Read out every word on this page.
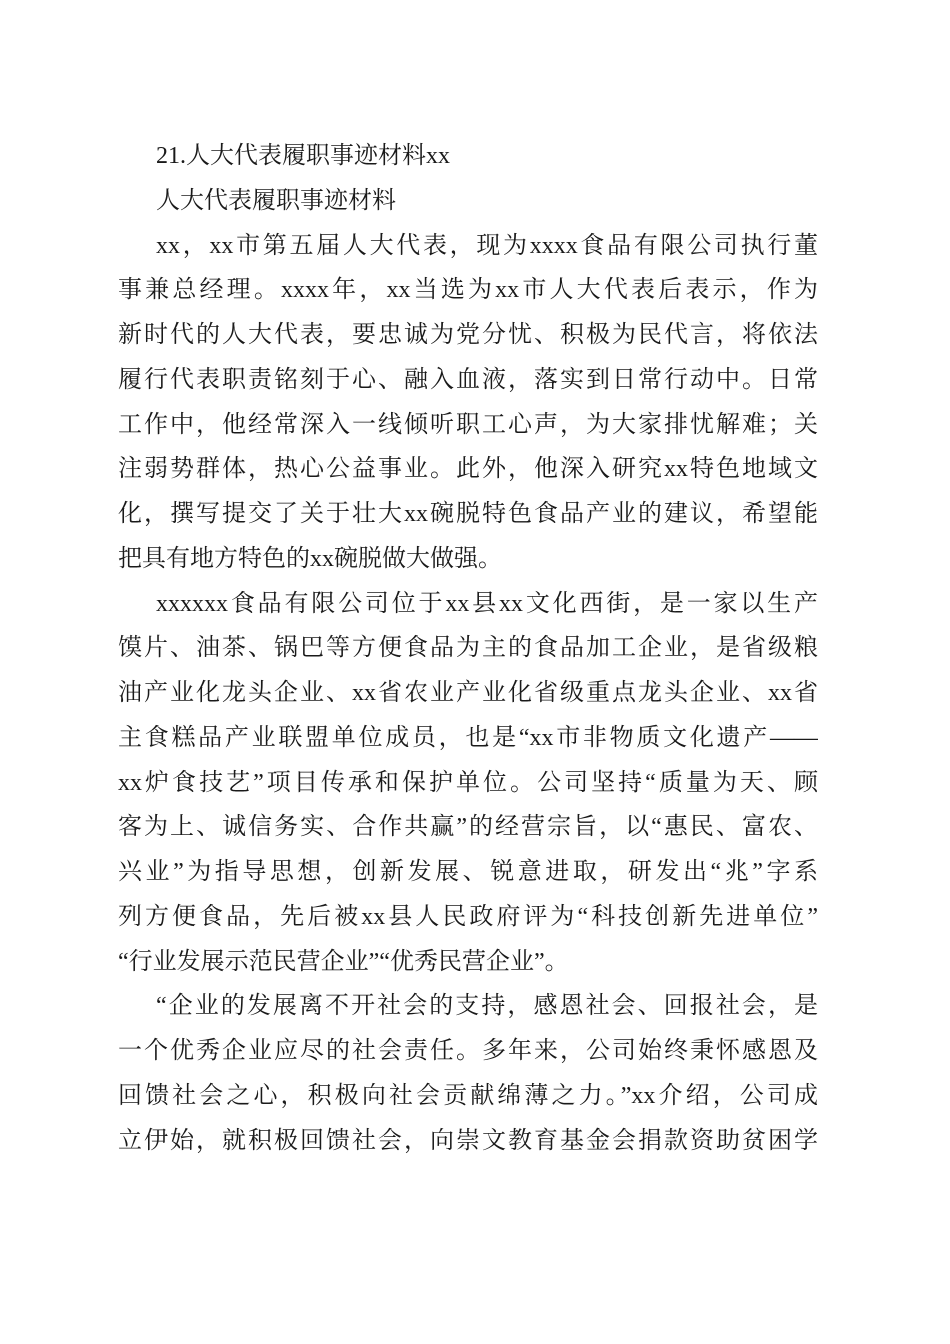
21.人大代表履职事迹材料xx
人大代表履职事迹材料
xx，xx市第五届人大代表，现为xxxx食品有限公司执行董
事兼总经理。xxxx年，xx当选为xx市人大代表后表示，作为
新时代的人大代表，要忠诚为党分忧、积极为民代言，将依法
履行代表职责铭刻于心、融入血液，落实到日常行动中。日常
工作中，他经常深入一线倾听职工心声，为大家排忧解难；关
注弱势群体，热心公益事业。此外，他深入研究xx特色地域文
化，撰写提交了关于壮大xx碗脱特色食品产业的建议，希望能
把具有地方特色的xx碗脱做大做强。
xxxxxx食品有限公司位于xx县xx文化西街，是一家以生产
馍片、油茶、锅巴等方便食品为主的食品加工企业，是省级粮
油产业化龙头企业、xx省农业产业化省级重点龙头企业、xx省
主食糕品产业联盟单位成员，也是“xx市非物质文化遗产——
xx炉食技艺”项目传承和保护单位。公司坚持“质量为天、顾
客为上、诚信务实、合作共赢”的经营宗旨，以“惠民、富农、
兴业”为指导思想，创新发展、锐意进取，研发出“兆”字系
列方便食品，先后被xx县人民政府评为“科技创新先进单位”
“行业发展示范民营企业”“优秀民营企业”。
“企业的发展离不开社会的支持，感恩社会、回报社会，是
一个优秀企业应尽的社会责任。多年来，公司始终秉怀感恩及
回馈社会之心，积极向社会贡献绵薄之力。”xx介绍，公司成
立伊始，就积极回馈社会，向崇文教育基金会捐款资助贫困学
